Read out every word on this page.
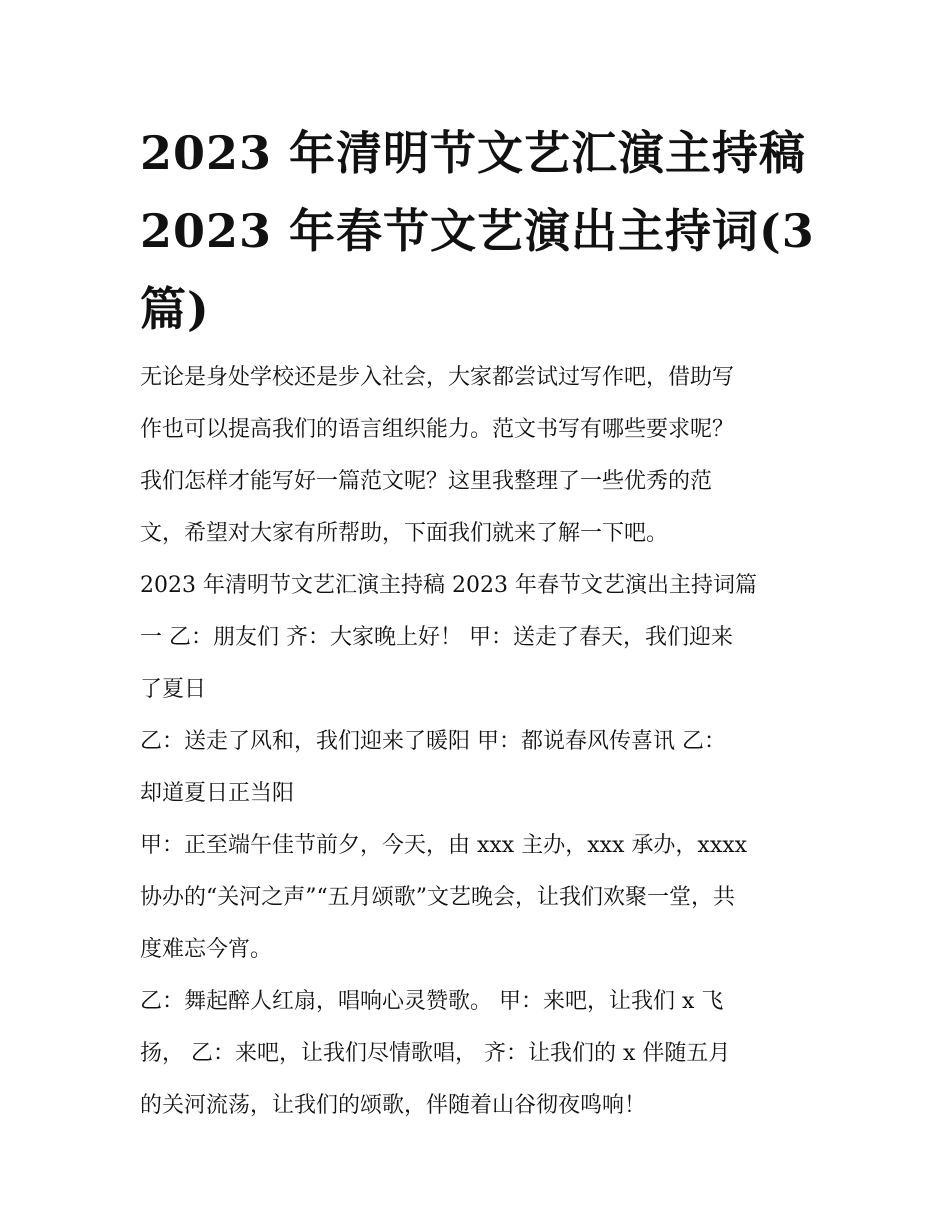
2023 年清明节文艺汇演主持稿
2023 年春节文艺演出主持词(3
篇)

无论是身处学校还是步入社会，大家都尝试过写作吧，借助写
作也可以提高我们的语言组织能力。范文书写有哪些要求呢？
我们怎样才能写好一篇范文呢？这里我整理了一些优秀的范
文，希望对大家有所帮助，下面我们就来了解一下吧。

2023 年清明节文艺汇演主持稿 2023 年春节文艺演出主持词篇
一 乙：朋友们 齐：大家晚上好！ 甲：送走了春天，我们迎来
了夏日

乙：送走了风和，我们迎来了暖阳 甲：都说春风传喜讯 乙：
却道夏日正当阳

甲：正至端午佳节前夕，今天，由 xxx 主办，xxx 承办，xxxx
协办的“关河之声”“五月颂歌”文艺晚会，让我们欢聚一堂，共
度难忘今宵。

乙：舞起醉人红扇，唱响心灵赞歌。 甲：来吧，让我们 x 飞
扬， 乙：来吧，让我们尽情歌唱， 齐：让我们的 x 伴随五月
的关河流荡，让我们的颂歌，伴随着山谷彻夜鸣响！
